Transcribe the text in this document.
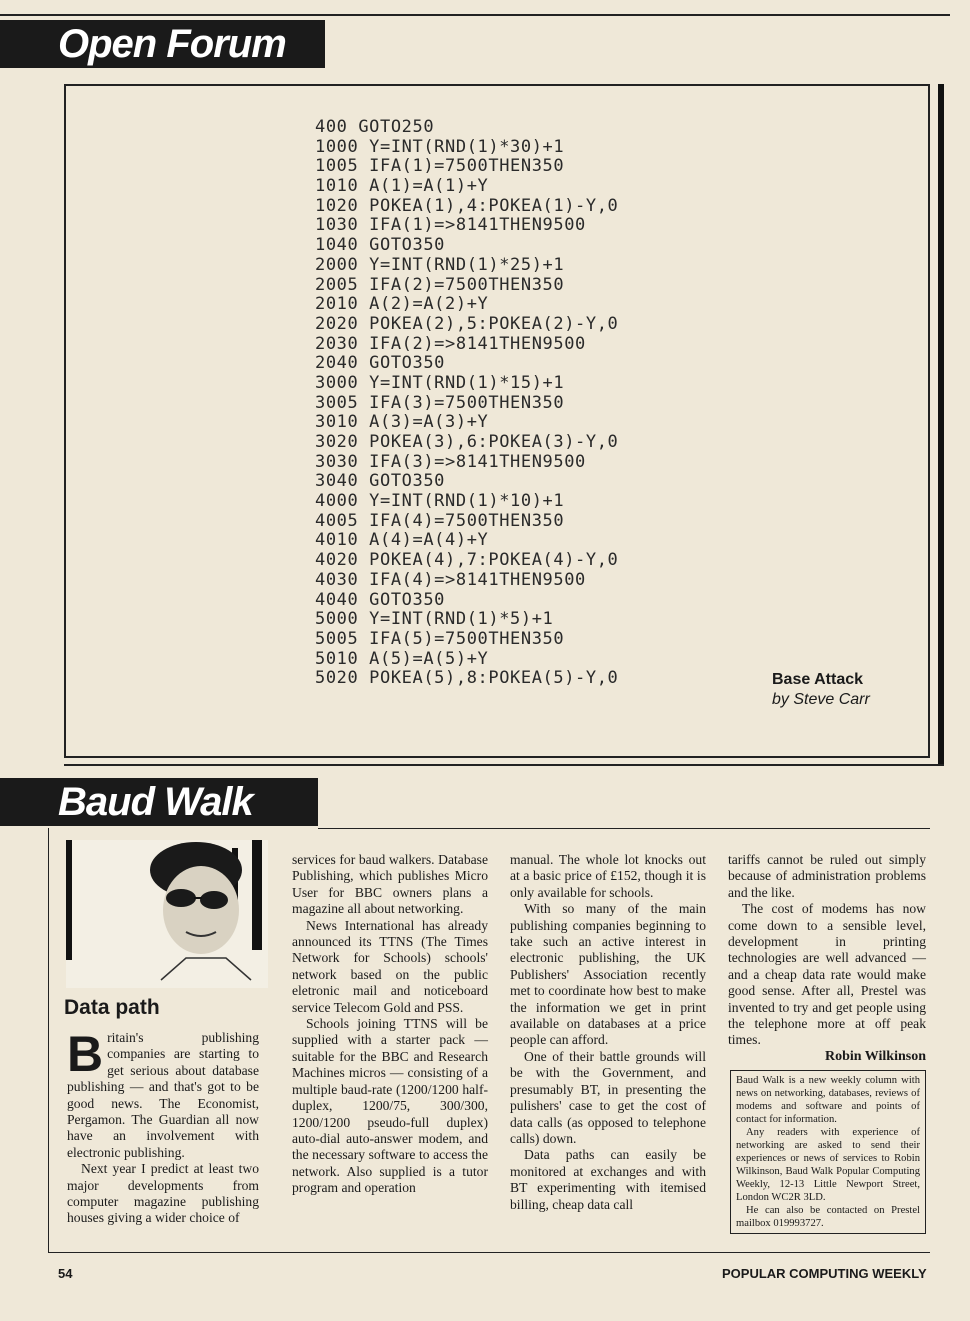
Open Forum
400 GOTO250
1000 Y=INT(RND(1)*30)+1
1005 IFA(1)=7500THEN350
1010 A(1)=A(1)+Y
1020 POKEA(1),4:POKEA(1)-Y,0
1030 IFA(1)=>8141THEN9500
1040 GOTO350
2000 Y=INT(RND(1)*25)+1
2005 IFA(2)=7500THEN350
2010 A(2)=A(2)+Y
2020 POKEA(2),5:POKEA(2)-Y,0
2030 IFA(2)=>8141THEN9500
2040 GOTO350
3000 Y=INT(RND(1)*15)+1
3005 IFA(3)=7500THEN350
3010 A(3)=A(3)+Y
3020 POKEA(3),6:POKEA(3)-Y,0
3030 IFA(3)=>8141THEN9500
3040 GOTO350
4000 Y=INT(RND(1)*10)+1
4005 IFA(4)=7500THEN350
4010 A(4)=A(4)+Y
4020 POKEA(4),7:POKEA(4)-Y,0
4030 IFA(4)=>8141THEN9500
4040 GOTO350
5000 Y=INT(RND(1)*5)+1
5005 IFA(5)=7500THEN350
5010 A(5)=A(5)+Y
5020 POKEA(5),8:POKEA(5)-Y,0	Base Attack
by Steve Carr
Baud Walk
Data path

Britain's publishing companies are starting to get serious about database publishing — and that's got to be good news. The Economist, Pergamon. The Guardian all now have an involvement with electronic publishing.

Next year I predict at least two major developments from computer magazine publishing houses giving a wider choice of

services for baud walkers. Database Publishing, which publishes Micro User for BBC owners plans a magazine all about networking.

News International has already announced its TTNS (The Times Network for Schools) schools' network based on the public eletronic mail and noticeboard service Telecom Gold and PSS.

Schools joining TTNS will be supplied with a starter pack — suitable for the BBC and Research Machines micros — consisting of a multiple baud-rate (1200/1200 half-duplex, 1200/75, 300/300, 1200/1200 pseudo-full duplex) auto-dial auto-answer modem, and the necessary software to access the network. Also supplied is a tutor program and operation

manual. The whole lot knocks out at a basic price of £152, though it is only available for schools.

With so many of the main publishing companies beginning to take such an active interest in electronic publishing, the UK Publishers' Association recently met to coordinate how best to make the information we get in print available on databases at a price people can afford.

One of their battle grounds will be with the Government, and presumably BT, in presenting the pulishers' case to get the cost of data calls (as opposed to telephone calls) down.

Data paths can easily be monitored at exchanges and with BT experimenting with itemised billing, cheap data call

tariffs cannot be ruled out simply because of administration problems and the like.

The cost of modems has now come down to a sensible level, development in printing technologies are well advanced — and a cheap data rate would make good sense. After all, Prestel was invented to try and get people using the telephone more at off peak times.

Robin Wilkinson

Baud Walk is a new weekly column with news on networking, databases, reviews of modems and software and points of contact for information.

Any readers with experience of networking are asked to send their experiences or news of services to Robin Wilkinson, Baud Walk Popular Computing Weekly, 12-13 Little Newport Street, London WC2R 3LD.

He can also be contacted on Prestel mailbox 019993727.

54	POPULAR COMPUTING WEEKLY
